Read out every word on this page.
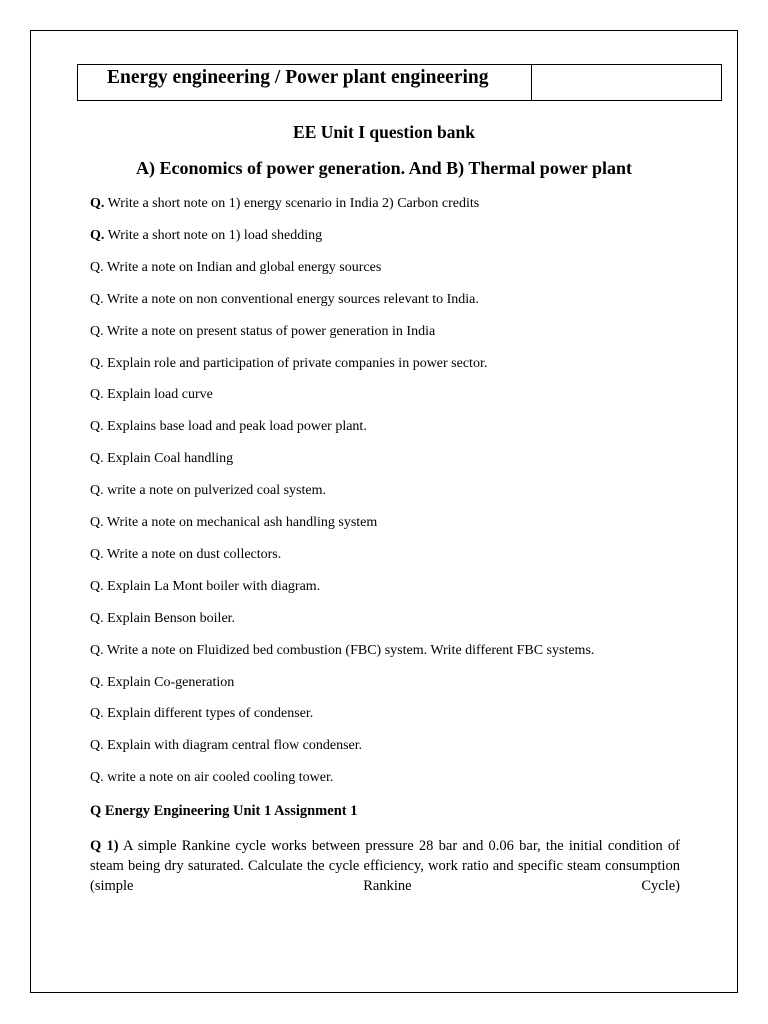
Energy engineering / Power plant engineering
EE Unit I question bank
A) Economics of power generation. And B) Thermal power plant
Q. Write a short note on 1) energy scenario in India 2) Carbon credits
Q. Write a short note on 1) load shedding
Q. Write a note on Indian and global energy sources
Q. Write a note on non conventional energy sources relevant to India.
Q. Write a note on present status of power generation in India
Q. Explain role and participation of private companies in power sector.
Q. Explain load curve
Q. Explains base load and peak load power plant.
Q. Explain Coal handling
Q. write a note on pulverized coal system.
Q. Write a note on mechanical ash handling system
Q. Write a note on dust collectors.
Q. Explain La Mont boiler with diagram.
Q. Explain Benson boiler.
Q. Write a note on Fluidized bed combustion (FBC) system. Write different FBC systems.
Q. Explain Co-generation
Q. Explain different types of condenser.
Q. Explain with diagram central flow condenser.
Q. write a note on air cooled cooling tower.
Q Energy Engineering Unit 1 Assignment 1
Q 1) A simple Rankine cycle works between pressure 28 bar and 0.06 bar, the initial condition of steam being dry saturated. Calculate the cycle efficiency, work ratio and specific steam consumption (simple Rankine Cycle)
